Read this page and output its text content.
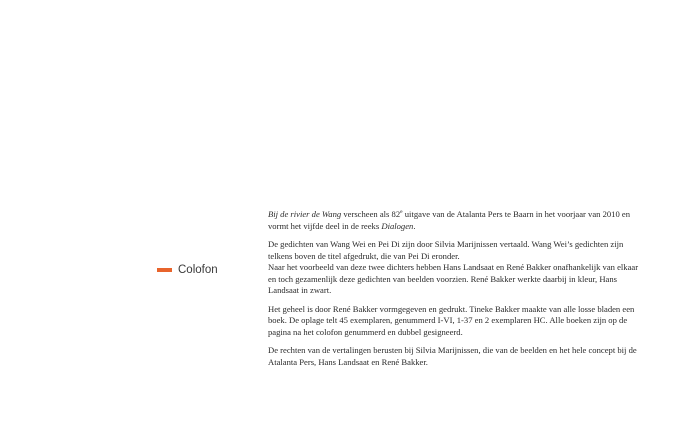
Colofon

Bij de rivier de Wang verscheen als 82e uitgave van de Atalanta Pers te Baarn in het voorjaar van 2010 en vormt het vijfde deel in de reeks Dialogen.

De gedichten van Wang Wei en Pei Di zijn door Silvia Marijnissen vertaald. Wang Wei’s gedichten zijn telkens boven de titel afgedrukt, die van Pei Di eronder.
Naar het voorbeeld van deze twee dichters hebben Hans Landsaat en René Bakker onafhankelijk van elkaar en toch gezamenlijk deze gedichten van beelden voorzien. René Bakker werkte daarbij in kleur, Hans Landsaat in zwart.

Het geheel is door René Bakker vormgegeven en gedrukt. Tineke Bakker maakte van alle losse bladen een boek. De oplage telt 45 exemplaren, genummerd I-VI, 1-37 en 2 exemplaren HC. Alle boeken zijn op de pagina na het colofon genummerd en dubbel gesigneerd.

De rechten van de vertalingen berusten bij Silvia Marijnissen, die van de beelden en het hele concept bij de Atalanta Pers, Hans Landsaat en René Bakker.
